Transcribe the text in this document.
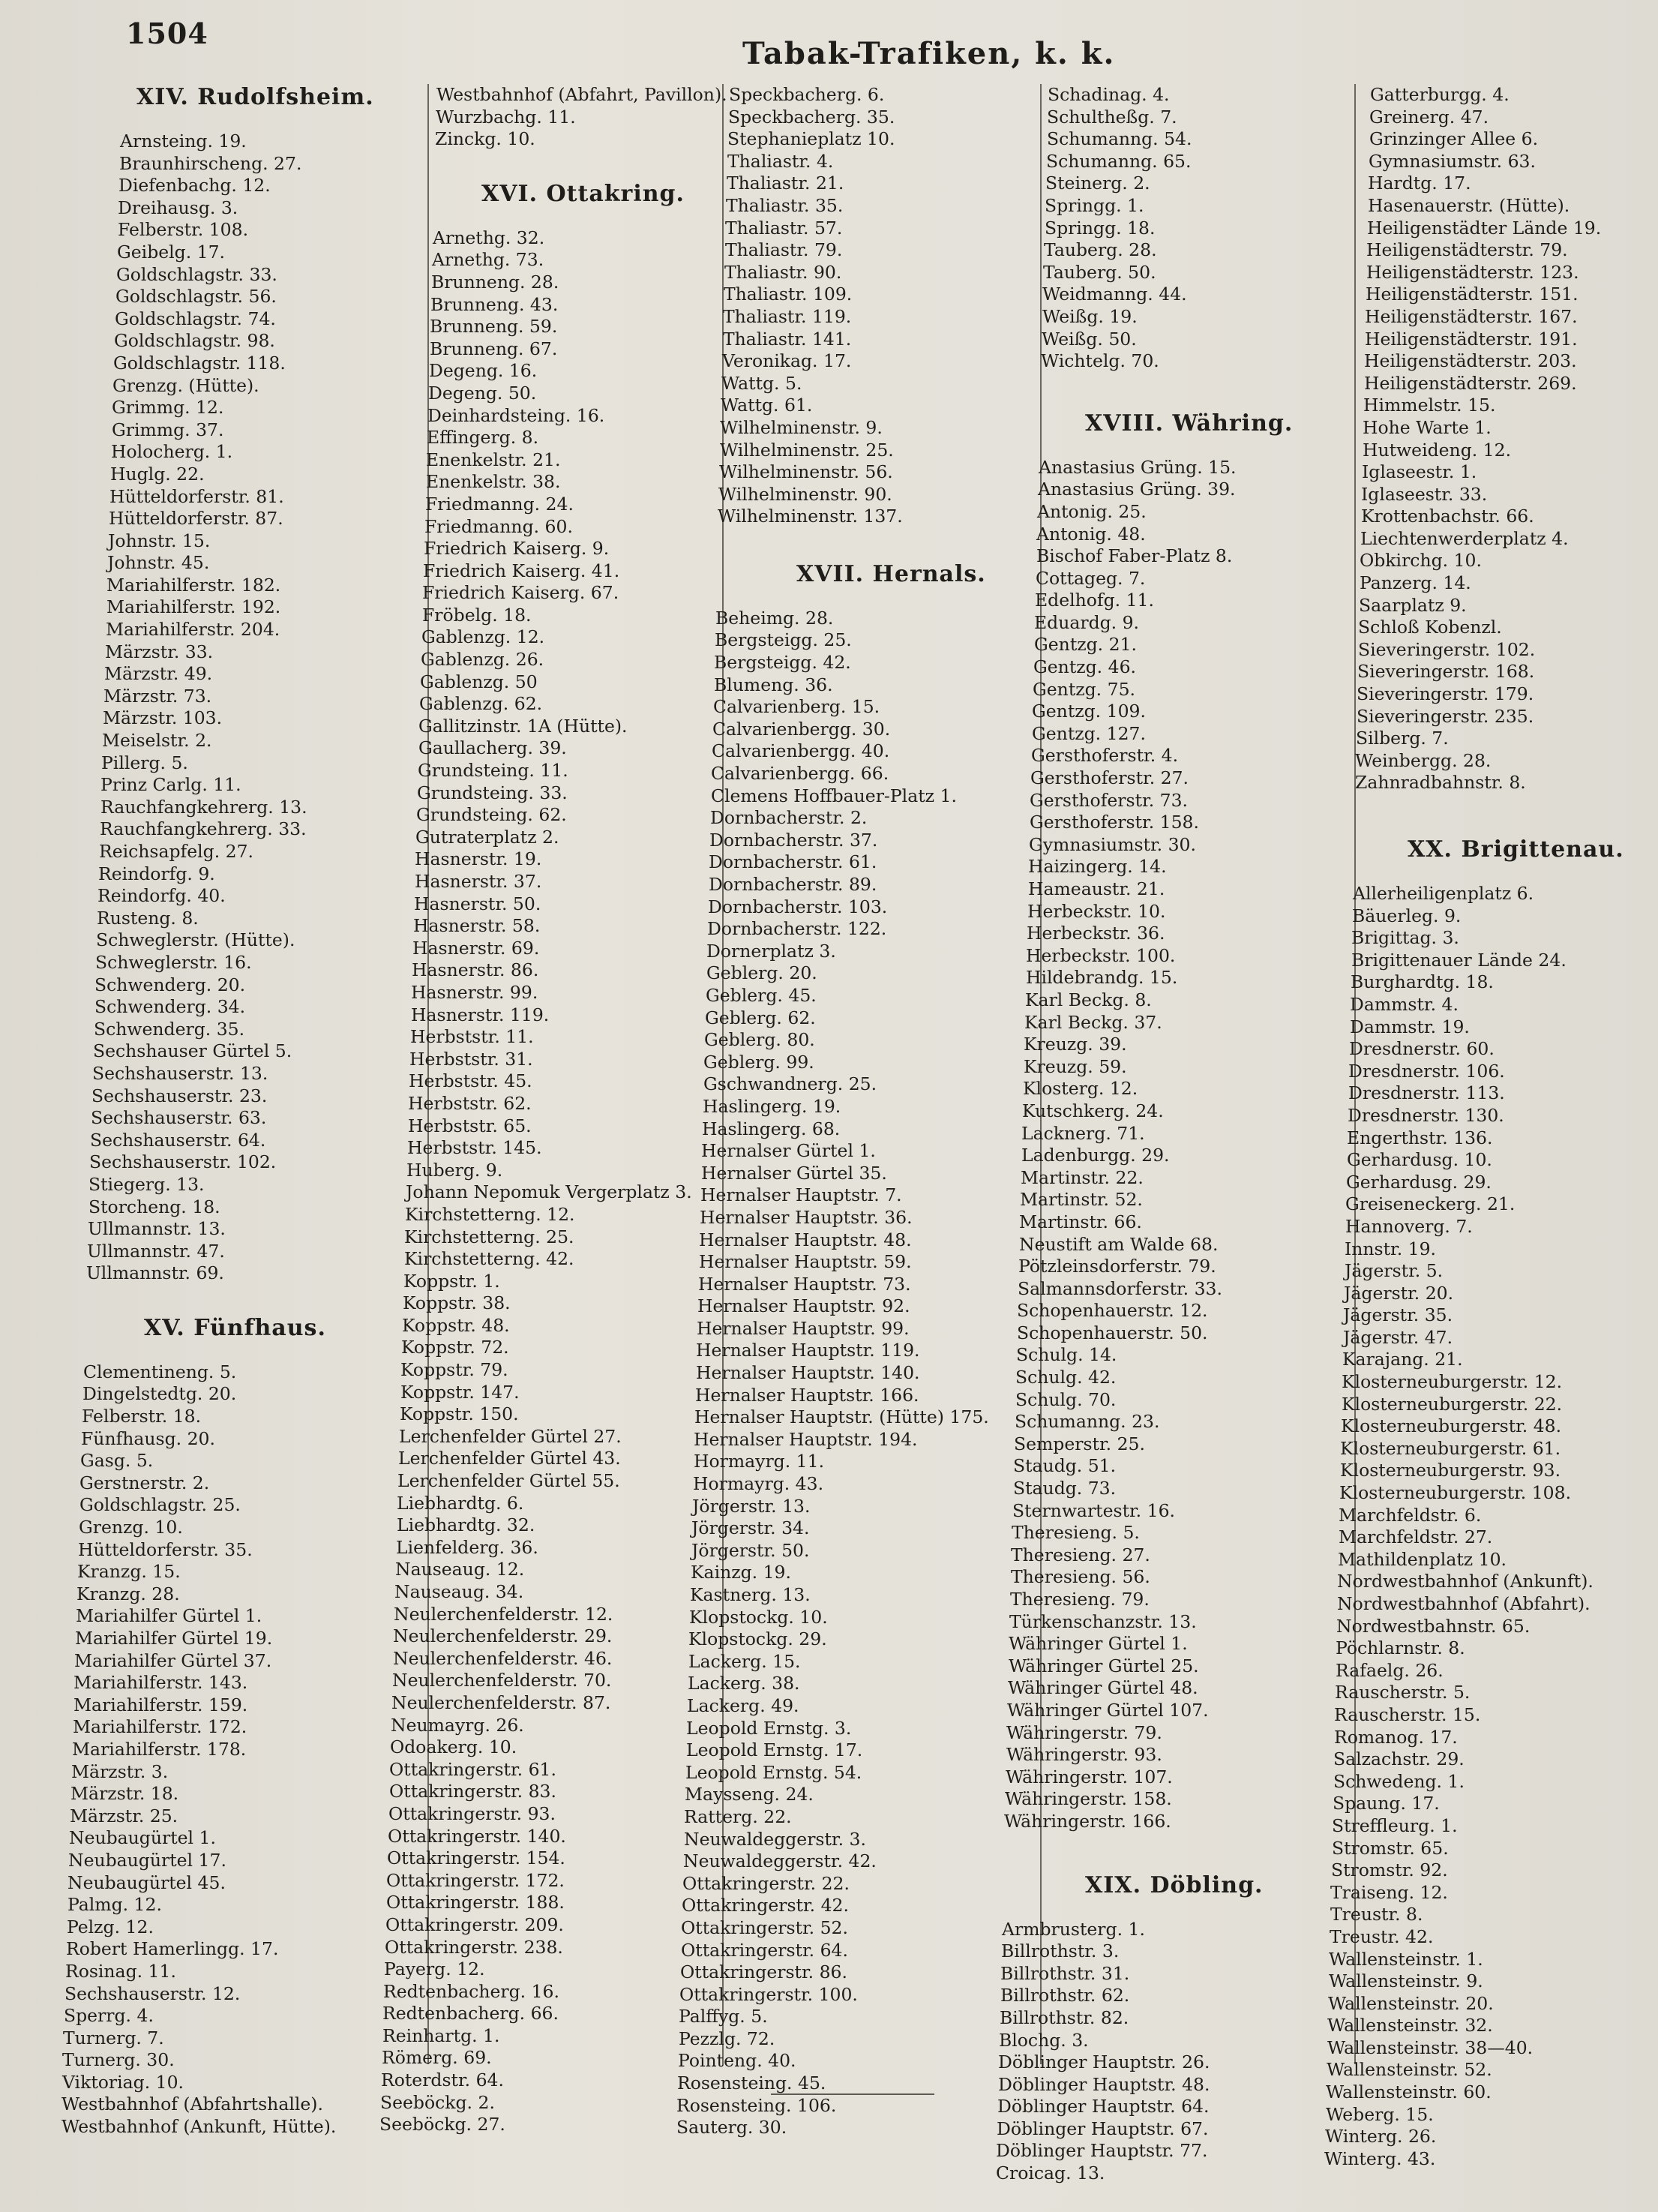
1504
Tabak-Trafiken, k. k.
XIV. Rudolfsheim.
Arnsteing. 19.
Braunhirscheng. 27.
Diefenbachg. 12.
Dreihausg. 3.
Felberstr. 108.
Geibelg. 17.
Goldschlagstr. 33.
Goldschlagstr. 56.
Goldschlagstr. 74.
Goldschlagstr. 98.
Goldschlagstr. 118.
Grenzg. (Hütte).
Grimmg. 12.
Grimmg. 37.
Holocherg. 1.
Huglg. 22.
Hütteldorferstr. 81.
Hütteldorferstr. 87.
Johnstr. 15.
Johnstr. 45.
Mariahilferstr. 182.
Mariahilferstr. 192.
Mariahilferstr. 204.
Märzstr. 33.
Märzstr. 49.
Märzstr. 73.
Märzstr. 103.
Meiselstr. 2.
Pillerg. 5.
Prinz Carlg. 11.
Rauchfangkehrerg. 13.
Rauchfangkehrerg. 33.
Reichsapfelg. 27.
Reindorfg. 9.
Reindorfg. 40.
Rusteng. 8.
Schweglerstr. (Hütte).
Schweglerstr. 16.
Schwenderg. 20.
Schwenderg. 34.
Schwenderg. 35.
Sechshauser Gürtel 5.
Sechshauserstr. 13.
Sechshauserstr. 23.
Sechshauserstr. 63.
Sechshauserstr. 64.
Sechshauserstr. 102.
Stiegerg. 13.
Storcheng. 18.
Ullmannstr. 13.
Ullmannstr. 47.
Ullmannstr. 69.
XV. Fünfhaus.
Clementineng. 5.
Dingelstedtg. 20.
Felberstr. 18.
Fünfhausg. 20.
Gasg. 5.
Gerstnerstr. 2.
Goldschlagstr. 25.
Grenzg. 10.
Hütteldorferstr. 35.
Kranzg. 15.
Kranzg. 28.
Mariahilfer Gürtel 1.
Mariahilfer Gürtel 19.
Mariahilfer Gürtel 37.
Mariahilferstr. 143.
Mariahilferstr. 159.
Mariahilferstr. 172.
Mariahilferstr. 178.
Märzstr. 3.
Märzstr. 18.
Märzstr. 25.
Neubaugürtel 1.
Neubaugürtel 17.
Neubaugürtel 45.
Palmg. 12.
Pelzg. 12.
Robert Hamerlingg. 17.
Rosinag. 11.
Sechshauserstr. 12.
Sperrg. 4.
Turnerg. 7.
Turnerg. 30.
Viktoriag. 10.
Westbahnhof (Abfahrtshalle).
Westbahnhof (Ankunft, Hütte).
Westbahnhof (Abfahrt, Pavillon).
Wurzbachg. 11.
Zinckg. 10.
XVI. Ottakring.
Arnethg. 32.
Arnethg. 73.
Brunneng. 28.
Brunneng. 43.
Brunneng. 59.
Brunneng. 67.
Degeng. 16.
Degeng. 50.
Deinhardsteing. 16.
Effingerg. 8.
Enenkelstr. 21.
Enenkelstr. 38.
Friedmanng. 24.
Friedmanng. 60.
Friedrich Kaiserg. 9.
Friedrich Kaiserg. 41.
Friedrich Kaiserg. 67.
Fröbelg. 18.
Gablenzg. 12.
Gablenzg. 26.
Gablenzg. 50
Gablenzg. 62.
Gallitzinstr. 1A (Hütte).
Gaullacherg. 39.
Grundsteing. 11.
Grundsteing. 33.
Grundsteing. 62.
Gutraterplatz 2.
Hasnerstr. 19.
Hasnerstr. 37.
Hasnerstr. 50.
Hasnerstr. 58.
Hasnerstr. 69.
Hasnerstr. 86.
Hasnerstr. 99.
Hasnerstr. 119.
Herbststr. 11.
Herbststr. 31.
Herbststr. 45.
Herbststr. 62.
Herbststr. 65.
Herbststr. 145.
Huberg. 9.
Johann Nepomuk Vergerplatz 3.
Kirchstetterng. 12.
Kirchstetterng. 25.
Kirchstetterng. 42.
Koppstr. 1.
Koppstr. 38.
Koppstr. 48.
Koppstr. 72.
Koppstr. 79.
Koppstr. 147.
Koppstr. 150.
Lerchenfelder Gürtel 27.
Lerchenfelder Gürtel 43.
Lerchenfelder Gürtel 55.
Liebhardtg. 6.
Liebhardtg. 32.
Lienfelderg. 36.
Nauseaug. 12.
Nauseaug. 34.
Neulerchenfelderstr. 12.
Neulerchenfelderstr. 29.
Neulerchenfelderstr. 46.
Neulerchenfelderstr. 70.
Neulerchenfelderstr. 87.
Neumayrg. 26.
Odoakerg. 10.
Ottakringerstr. 61.
Ottakringerstr. 83.
Ottakringerstr. 93.
Ottakringerstr. 140.
Ottakringerstr. 154.
Ottakringerstr. 172.
Ottakringerstr. 188.
Ottakringerstr. 209.
Ottakringerstr. 238.
Payerg. 12.
Redtenbacherg. 16.
Redtenbacherg. 66.
Reinhartg. 1.
Römerg. 69.
Roterdstr. 64.
Seeböckg. 2.
Seeböckg. 27.
Speckbacherg. 6.
Speckbacherg. 35.
Stephanieplatz 10.
Thaliastr. 4.
Thaliastr. 21.
Thaliastr. 35.
Thaliastr. 57.
Thaliastr. 79.
Thaliastr. 90.
Thaliastr. 109.
Thaliastr. 119.
Thaliastr. 141.
Veronikag. 17.
Wattg. 5.
Wattg. 61.
Wilhelminenstr. 9.
Wilhelminenstr. 25.
Wilhelminenstr. 56.
Wilhelminenstr. 90.
Wilhelminenstr. 137.
XVII. Hernals.
Beheimg. 28.
Bergsteigg. 25.
Bergsteigg. 42.
Blumeng. 36.
Calvarienberg. 15.
Calvarienbergg. 30.
Calvarienbergg. 40.
Calvarienbergg. 66.
Clemens Hoffbauer-Platz 1.
Dornbacherstr. 2.
Dornbacherstr. 37.
Dornbacherstr. 61.
Dornbacherstr. 89.
Dornbacherstr. 103.
Dornbacherstr. 122.
Dornerplatz 3.
Geblerg. 20.
Geblerg. 45.
Geblerg. 62.
Geblerg. 80.
Geblerg. 99.
Gschwandnerg. 25.
Haslingerg. 19.
Haslingerg. 68.
Hernalser Gürtel 1.
Hernalser Gürtel 35.
Hernalser Hauptstr. 7.
Hernalser Hauptstr. 36.
Hernalser Hauptstr. 48.
Hernalser Hauptstr. 59.
Hernalser Hauptstr. 73.
Hernalser Hauptstr. 92.
Hernalser Hauptstr. 99.
Hernalser Hauptstr. 119.
Hernalser Hauptstr. 140.
Hernalser Hauptstr. 166.
Hernalser Hauptstr. (Hütte) 175.
Hernalser Hauptstr. 194.
Hormayrg. 11.
Hormayrg. 43.
Jörgerstr. 13.
Jörgerstr. 34.
Jörgerstr. 50.
Kainzg. 19.
Kastnerg. 13.
Klopstockg. 10.
Klopstockg. 29.
Lackerg. 15.
Lackerg. 38.
Lackerg. 49.
Leopold Ernstg. 3.
Leopold Ernstg. 17.
Leopold Ernstg. 54.
Maysseng. 24.
Ratterg. 22.
Neuwaldeggerstr. 3.
Neuwaldeggerstr. 42.
Ottakringerstr. 22.
Ottakringerstr. 42.
Ottakringerstr. 52.
Ottakringerstr. 64.
Ottakringerstr. 86.
Ottakringerstr. 100.
Palffyg. 5.
Pezzlg. 72.
Pointeng. 40.
Rosensteing. 45.
Rosensteing. 106.
Sauterg. 30.
Schadinag. 4.
Schultheßg. 7.
Schumanng. 54.
Schumanng. 65.
Steinerg. 2.
Springg. 1.
Springg. 18.
Tauberg. 28.
Tauberg. 50.
Weidmanng. 44.
Weißg. 19.
Weißg. 50.
Wichtelg. 70.
XVIII. Währing.
Anastasius Grüng. 15.
Anastasius Grüng. 39.
Antonig. 25.
Antonig. 48.
Bischof Faber-Platz 8.
Cottageg. 7.
Edelhofg. 11.
Eduardg. 9.
Gentzg. 21.
Gentzg. 46.
Gentzg. 75.
Gentzg. 109.
Gentzg. 127.
Gersthoferstr. 4.
Gersthoferstr. 27.
Gersthoferstr. 73.
Gersthoferstr. 158.
Gymnasiumstr. 30.
Haizingerg. 14.
Hameaustr. 21.
Herbeckstr. 10.
Herbeckstr. 36.
Herbeckstr. 100.
Hildebrandg. 15.
Karl Beckg. 8.
Karl Beckg. 37.
Kreuzg. 39.
Kreuzg. 59.
Klosterg. 12.
Kutschkerg. 24.
Lacknerg. 71.
Ladenburgg. 29.
Martinstr. 22.
Martinstr. 52.
Martinstr. 66.
Neustift am Walde 68.
Pötzleinsdorferstr. 79.
Salmannsdorferstr. 33.
Schopenhauerstr. 12.
Schopenhauerstr. 50.
Schulg. 14.
Schulg. 42.
Schulg. 70.
Schumanng. 23.
Semperstr. 25.
Staudg. 51.
Staudg. 73.
Sternwartestr. 16.
Theresieng. 5.
Theresieng. 27.
Theresieng. 56.
Theresieng. 79.
Türkenschanzstr. 13.
Währinger Gürtel 1.
Währinger Gürtel 25.
Währinger Gürtel 48.
Währinger Gürtel 107.
Währingerstr. 79.
Währingerstr. 93.
Währingerstr. 107.
Währingerstr. 158.
Währingerstr. 166.
XIX. Döbling.
Armbrusterg. 1.
Billrothstr. 3.
Billrothstr. 31.
Billrothstr. 62.
Billrothstr. 82.
Blochg. 3.
Döblinger Hauptstr. 26.
Döblinger Hauptstr. 48.
Döblinger Hauptstr. 64.
Döblinger Hauptstr. 67.
Döblinger Hauptstr. 77.
Croicag. 13.
Gatterburgg. 4.
Greinerg. 47.
Grinzinger Allee 6.
Gymnasiumstr. 63.
Hardtg. 17.
Hasenauerstr. (Hütte).
Heiligenstädter Lände 19.
Heiligenstädterstr. 79.
Heiligenstädterstr. 123.
Heiligenstädterstr. 151.
Heiligenstädterstr. 167.
Heiligenstädterstr. 191.
Heiligenstädterstr. 203.
Heiligenstädterstr. 269.
Himmelstr. 15.
Hohe Warte 1.
Hutweideng. 12.
Iglaseestr. 1.
Iglaseestr. 33.
Krottenbachstr. 66.
Liechtenwerderplatz 4.
Obkirchg. 10.
Panzerg. 14.
Saarplatz 9.
Schloß Kobenzl.
Sieveringerstr. 102.
Sieveringerstr. 168.
Sieveringerstr. 179.
Sieveringerstr. 235.
Silberg. 7.
Weinbergg. 28.
Zahnradbahnstr. 8.
XX. Brigittenau.
Allerheiligenplatz 6.
Bäuerleg. 9.
Brigittag. 3.
Brigittenauer Lände 24.
Burghardtg. 18.
Dammstr. 4.
Dammstr. 19.
Dresdnerstr. 60.
Dresdnerstr. 106.
Dresdnerstr. 113.
Dresdnerstr. 130.
Engerthstr. 136.
Gerhardusg. 10.
Gerhardusg. 29.
Greiseneckerg. 21.
Hannoverg. 7.
Innstr. 19.
Jägerstr. 5.
Jägerstr. 20.
Jägerstr. 35.
Jägerstr. 47.
Karajang. 21.
Klosterneuburgerstr. 12.
Klosterneuburgerstr. 22.
Klosterneuburgerstr. 48.
Klosterneuburgerstr. 61.
Klosterneuburgerstr. 93.
Klosterneuburgerstr. 108.
Marchfeldstr. 6.
Marchfeldstr. 27.
Mathildenplatz 10.
Nordwestbahnhof (Ankunft).
Nordwestbahnhof (Abfahrt).
Nordwestbahnstr. 65.
Pöchlarnstr. 8.
Rafaelg. 26.
Rauscherstr. 5.
Rauscherstr. 15.
Romanog. 17.
Salzachstr. 29.
Schwedeng. 1.
Spaung. 17.
Streffleurg. 1.
Stromstr. 65.
Stromstr. 92.
Traiseng. 12.
Treustr. 8.
Treustr. 42.
Wallensteinstr. 1.
Wallensteinstr. 9.
Wallensteinstr. 20.
Wallensteinstr. 32.
Wallensteinstr. 38—40.
Wallensteinstr. 52.
Wallensteinstr. 60.
Weberg. 15.
Winterg. 26.
Winterg. 43.
